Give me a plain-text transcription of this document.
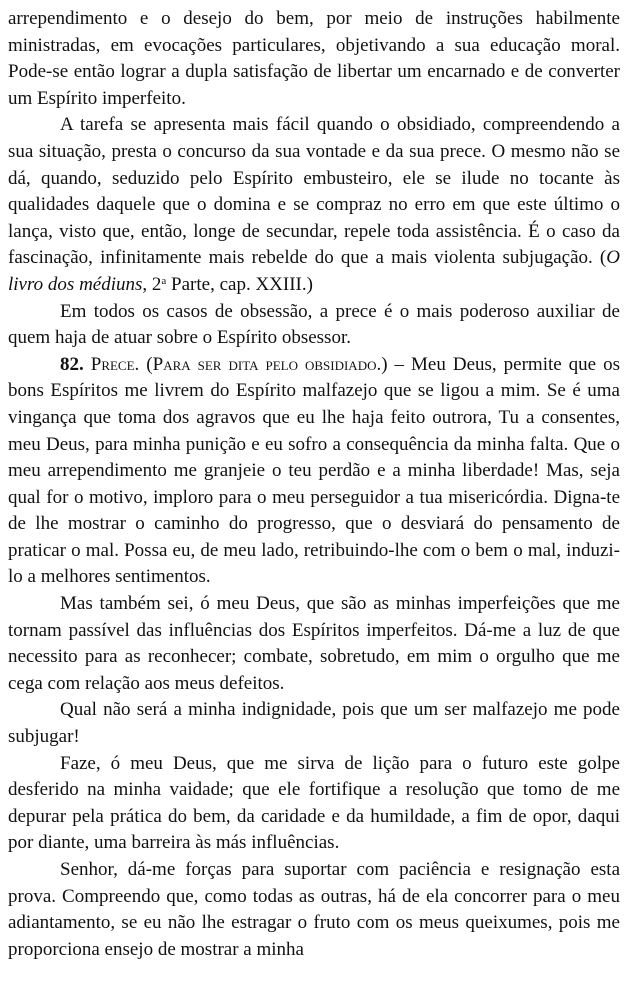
arrependimento e o desejo do bem, por meio de instruções habilmente ministradas, em evocações particulares, objetivando a sua educação moral. Pode-se então lograr a dupla satisfação de libertar um encarnado e de converter um Espírito imperfeito.

A tarefa se apresenta mais fácil quando o obsidiado, compreendendo a sua situação, presta o concurso da sua vontade e da sua prece. O mesmo não se dá, quando, seduzido pelo Espírito embusteiro, ele se ilude no tocante às qualidades daquele que o domina e se compraz no erro em que este último o lança, visto que, então, longe de secundar, repele toda assistência. É o caso da fascinação, infinitamente mais rebelde do que a mais violenta subjugação. (O livro dos médiuns, 2$^a$ Parte, cap. XXIII.)

Em todos os casos de obsessão, a prece é o mais poderoso auxiliar de quem haja de atuar sobre o Espírito obsessor.

82. Prece. (Para ser dita pelo obsidiado.) – Meu Deus, permite que os bons Espíritos me livrem do Espírito malfazejo que se ligou a mim. Se é uma vingança que toma dos agravos que eu lhe haja feito outrora, Tu a consentes, meu Deus, para minha punição e eu sofro a consequência da minha falta. Que o meu arrependimento me granjeie o teu perdão e a minha liberdade! Mas, seja qual for o motivo, imploro para o meu perseguidor a tua misericórdia. Digna-te de lhe mostrar o caminho do progresso, que o desviará do pensamento de praticar o mal. Possa eu, de meu lado, retribuindo-lhe com o bem o mal, induzi-lo a melhores sentimentos.

Mas também sei, ó meu Deus, que são as minhas imperfeições que me tornam passível das influências dos Espíritos imperfeitos. Dá-me a luz de que necessito para as reconhecer; combate, sobretudo, em mim o orgulho que me cega com relação aos meus defeitos.

Qual não será a minha indignidade, pois que um ser malfazejo me pode subjugar!

Faze, ó meu Deus, que me sirva de lição para o futuro este golpe desferido na minha vaidade; que ele fortifique a resolução que tomo de me depurar pela prática do bem, da caridade e da humildade, a fim de opor, daqui por diante, uma barreira às más influências.

Senhor, dá-me forças para suportar com paciência e resignação esta prova. Compreendo que, como todas as outras, há de ela concorrer para o meu adiantamento, se eu não lhe estragar o fruto com os meus queixumes, pois me proporciona ensejo de mostrar a minha
